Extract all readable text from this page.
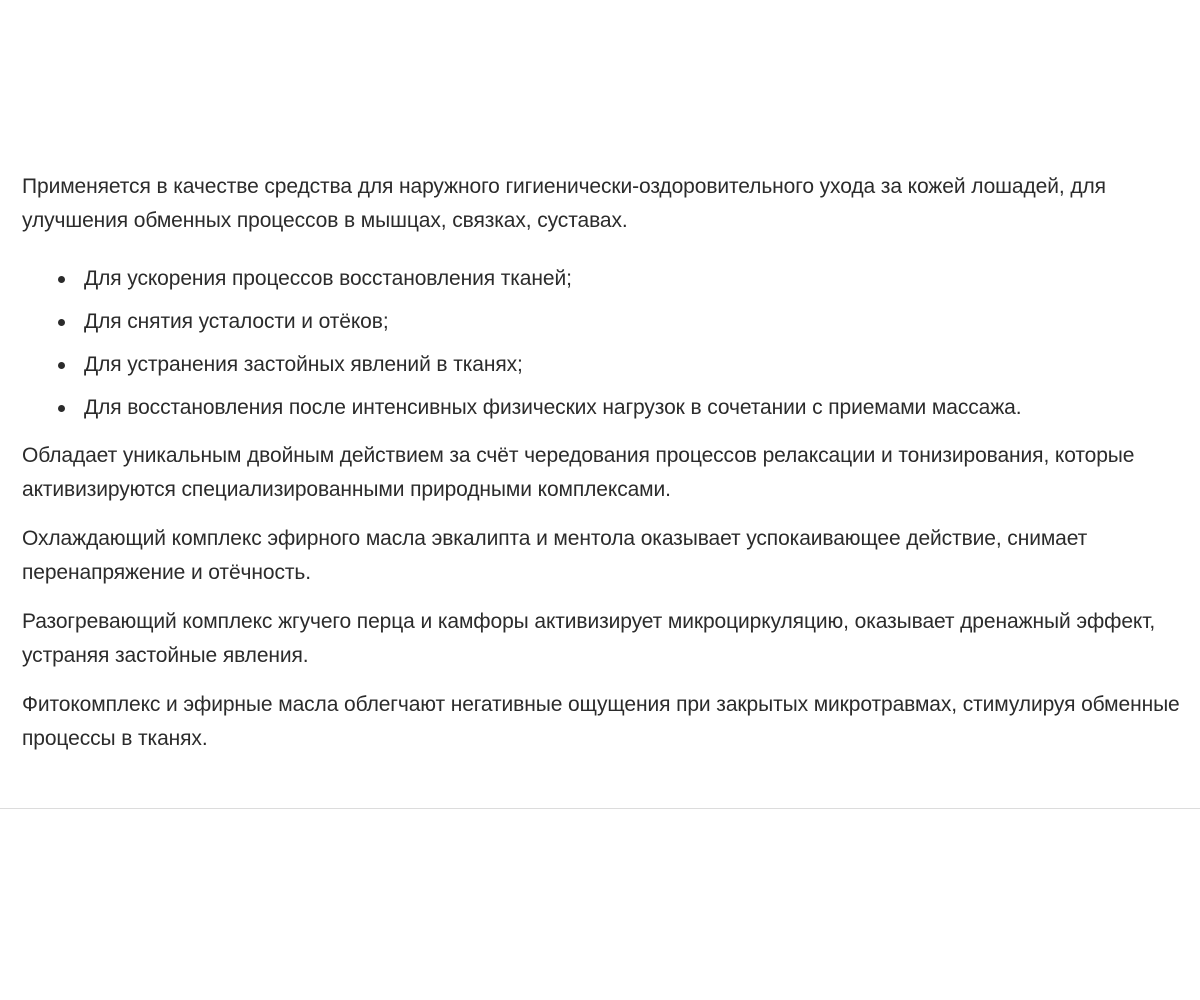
Применяется в качестве средства для наружного гигиенически-оздоровительного ухода за кожей лошадей, для улучшения обменных процессов в мышцах, связках, суставах.

Для ускорения процессов восстановления тканей;
Для снятия усталости и отёков;
Для устранения застойных явлений в тканях;
Для восстановления после интенсивных физических нагрузок в сочетании с приемами массажа.

Обладает уникальным двойным действием за счёт чередования процессов релаксации и тонизирования, которые активизируются специализированными природными комплексами.

Охлаждающий комплекс эфирного масла эвкалипта и ментола оказывает успокаивающее действие, снимает перенапряжение и отёчность.

Разогревающий комплекс жгучего перца и камфоры активизирует микроциркуляцию, оказывает дренажный эффект, устраняя застойные явления.

Фитокомплекс и эфирные масла облегчают негативные ощущения при закрытых микротравмах, стимулируя обменные процессы в тканях.
